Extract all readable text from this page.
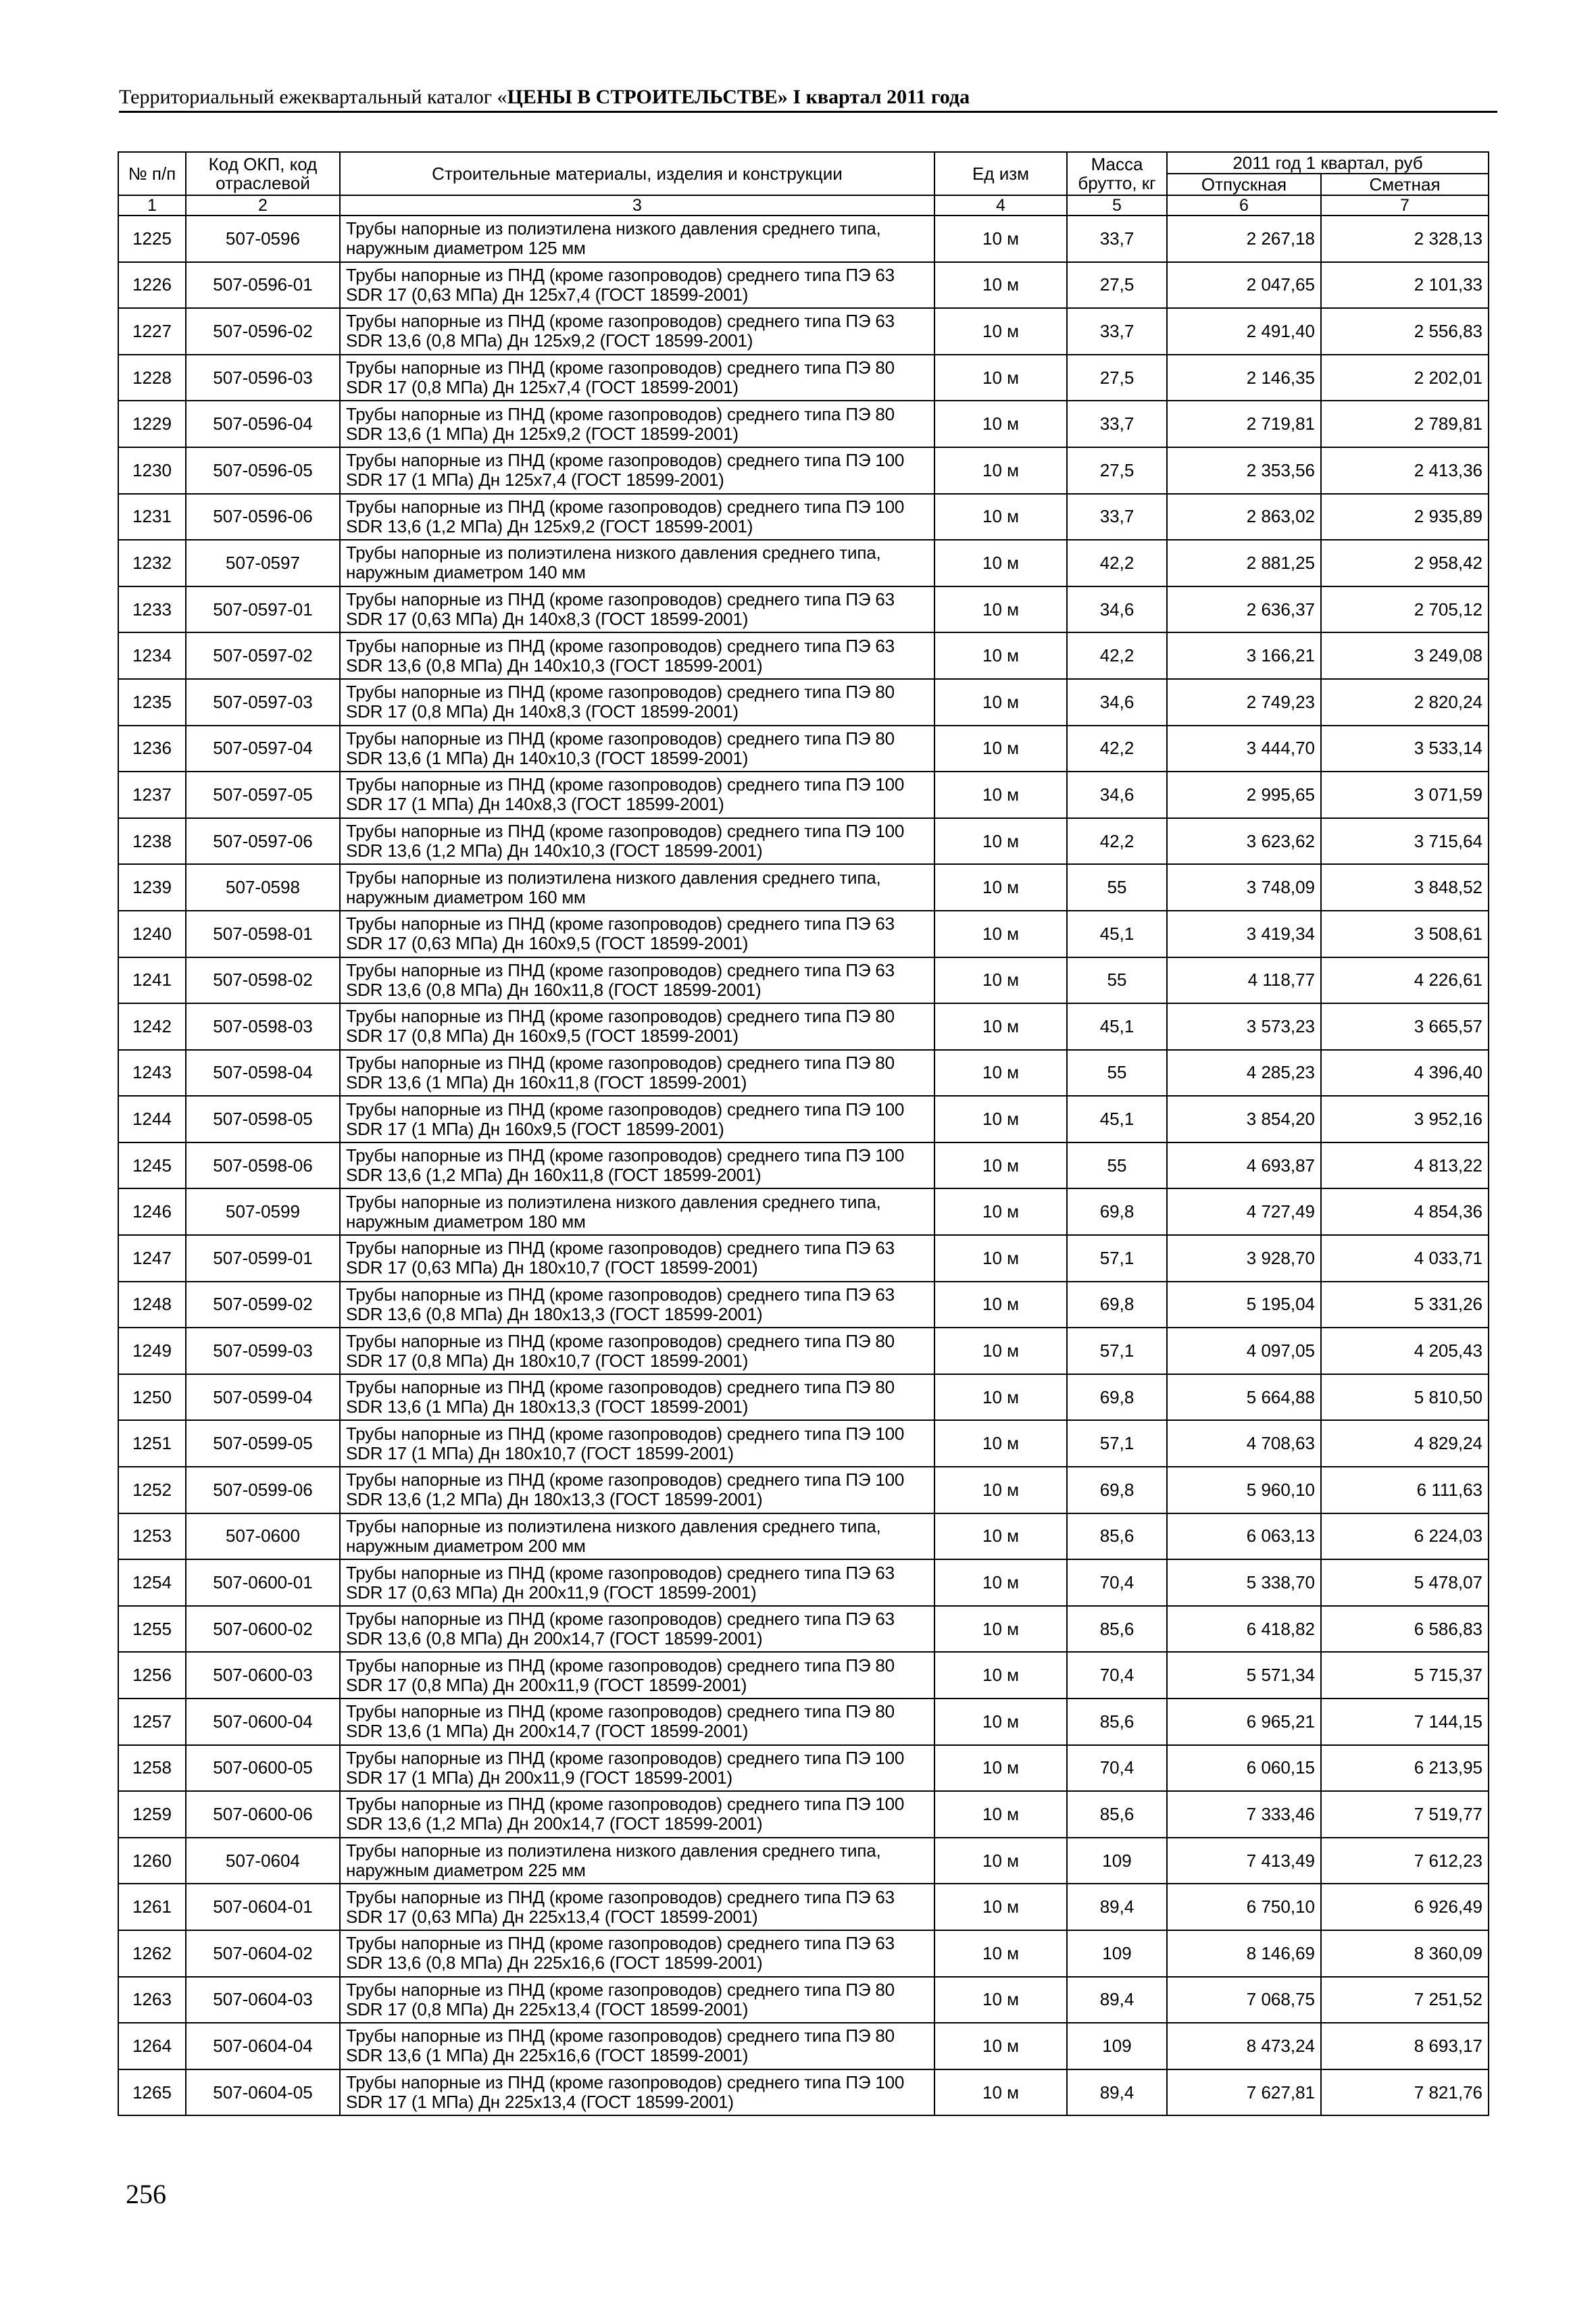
Территориальный ежеквартальный каталог «ЦЕНЫ В СТРОИТЕЛЬСТВЕ» I квартал 2011 года
№ п/п	Код ОКП, код отраслевой	Строительные материалы, изделия и конструкции	Ед изм	Масса брутто, кг	2011 год 1 квартал, руб	
					Отпускная	Сметная
1	2	3	4	5	6	7
1225	507-0596	Трубы напорные из полиэтилена низкого давления среднего типа, наружным диаметром 125 мм	10 м	33,7	2 267,18	2 328,13
1226	507-0596-01	Трубы напорные из ПНД (кроме газопроводов) среднего типа ПЭ 63 SDR 17 (0,63 МПа) Дн 125х7,4 (ГОСТ 18599-2001)	10 м	27,5	2 047,65	2 101,33
1227	507-0596-02	Трубы напорные из ПНД (кроме газопроводов) среднего типа ПЭ 63 SDR 13,6 (0,8 МПа) Дн 125х9,2 (ГОСТ 18599-2001)	10 м	33,7	2 491,40	2 556,83
1228	507-0596-03	Трубы напорные из ПНД (кроме газопроводов) среднего типа ПЭ 80 SDR 17 (0,8 МПа) Дн 125х7,4 (ГОСТ 18599-2001)	10 м	27,5	2 146,35	2 202,01
1229	507-0596-04	Трубы напорные из ПНД (кроме газопроводов) среднего типа ПЭ 80 SDR 13,6 (1 МПа) Дн 125х9,2 (ГОСТ 18599-2001)	10 м	33,7	2 719,81	2 789,81
1230	507-0596-05	Трубы напорные из ПНД (кроме газопроводов) среднего типа ПЭ 100 SDR 17 (1 МПа) Дн 125х7,4 (ГОСТ 18599-2001)	10 м	27,5	2 353,56	2 413,36
1231	507-0596-06	Трубы напорные из ПНД (кроме газопроводов) среднего типа ПЭ 100 SDR 13,6 (1,2 МПа) Дн 125х9,2 (ГОСТ 18599-2001)	10 м	33,7	2 863,02	2 935,89
1232	507-0597	Трубы напорные из полиэтилена низкого давления среднего типа, наружным диаметром 140 мм	10 м	42,2	2 881,25	2 958,42
1233	507-0597-01	Трубы напорные из ПНД (кроме газопроводов) среднего типа ПЭ 63 SDR 17 (0,63 МПа) Дн 140х8,3 (ГОСТ 18599-2001)	10 м	34,6	2 636,37	2 705,12
1234	507-0597-02	Трубы напорные из ПНД (кроме газопроводов) среднего типа ПЭ 63 SDR 13,6 (0,8 МПа) Дн 140х10,3 (ГОСТ 18599-2001)	10 м	42,2	3 166,21	3 249,08
1235	507-0597-03	Трубы напорные из ПНД (кроме газопроводов) среднего типа ПЭ 80 SDR 17 (0,8 МПа) Дн 140х8,3 (ГОСТ 18599-2001)	10 м	34,6	2 749,23	2 820,24
1236	507-0597-04	Трубы напорные из ПНД (кроме газопроводов) среднего типа ПЭ 80 SDR 13,6 (1 МПа) Дн 140х10,3 (ГОСТ 18599-2001)	10 м	42,2	3 444,70	3 533,14
1237	507-0597-05	Трубы напорные из ПНД (кроме газопроводов) среднего типа ПЭ 100 SDR 17 (1 МПа) Дн 140х8,3 (ГОСТ 18599-2001)	10 м	34,6	2 995,65	3 071,59
1238	507-0597-06	Трубы напорные из ПНД (кроме газопроводов) среднего типа ПЭ 100 SDR 13,6 (1,2 МПа) Дн 140х10,3 (ГОСТ 18599-2001)	10 м	42,2	3 623,62	3 715,64
1239	507-0598	Трубы напорные из полиэтилена низкого давления среднего типа, наружным диаметром 160 мм	10 м	55	3 748,09	3 848,52
1240	507-0598-01	Трубы напорные из ПНД (кроме газопроводов) среднего типа ПЭ 63 SDR 17 (0,63 МПа) Дн 160х9,5 (ГОСТ 18599-2001)	10 м	45,1	3 419,34	3 508,61
1241	507-0598-02	Трубы напорные из ПНД (кроме газопроводов) среднего типа ПЭ 63 SDR 13,6 (0,8 МПа) Дн 160х11,8 (ГОСТ 18599-2001)	10 м	55	4 118,77	4 226,61
1242	507-0598-03	Трубы напорные из ПНД (кроме газопроводов) среднего типа ПЭ 80 SDR 17 (0,8 МПа) Дн 160х9,5 (ГОСТ 18599-2001)	10 м	45,1	3 573,23	3 665,57
1243	507-0598-04	Трубы напорные из ПНД (кроме газопроводов) среднего типа ПЭ 80 SDR 13,6 (1 МПа) Дн 160х11,8 (ГОСТ 18599-2001)	10 м	55	4 285,23	4 396,40
1244	507-0598-05	Трубы напорные из ПНД (кроме газопроводов) среднего типа ПЭ 100 SDR 17 (1 МПа) Дн 160х9,5 (ГОСТ 18599-2001)	10 м	45,1	3 854,20	3 952,16
1245	507-0598-06	Трубы напорные из ПНД (кроме газопроводов) среднего типа ПЭ 100 SDR 13,6 (1,2 МПа) Дн 160х11,8 (ГОСТ 18599-2001)	10 м	55	4 693,87	4 813,22
1246	507-0599	Трубы напорные из полиэтилена низкого давления среднего типа, наружным диаметром 180 мм	10 м	69,8	4 727,49	4 854,36
1247	507-0599-01	Трубы напорные из ПНД (кроме газопроводов) среднего типа ПЭ 63 SDR 17 (0,63 МПа) Дн 180х10,7 (ГОСТ 18599-2001)	10 м	57,1	3 928,70	4 033,71
1248	507-0599-02	Трубы напорные из ПНД (кроме газопроводов) среднего типа ПЭ 63 SDR 13,6 (0,8 МПа) Дн 180х13,3 (ГОСТ 18599-2001)	10 м	69,8	5 195,04	5 331,26
1249	507-0599-03	Трубы напорные из ПНД (кроме газопроводов) среднего типа ПЭ 80 SDR 17 (0,8 МПа) Дн 180х10,7 (ГОСТ 18599-2001)	10 м	57,1	4 097,05	4 205,43
1250	507-0599-04	Трубы напорные из ПНД (кроме газопроводов) среднего типа ПЭ 80 SDR 13,6 (1 МПа) Дн 180х13,3 (ГОСТ 18599-2001)	10 м	69,8	5 664,88	5 810,50
1251	507-0599-05	Трубы напорные из ПНД (кроме газопроводов) среднего типа ПЭ 100 SDR 17 (1 МПа) Дн 180х10,7 (ГОСТ 18599-2001)	10 м	57,1	4 708,63	4 829,24
1252	507-0599-06	Трубы напорные из ПНД (кроме газопроводов) среднего типа ПЭ 100 SDR 13,6 (1,2 МПа) Дн 180х13,3 (ГОСТ 18599-2001)	10 м	69,8	5 960,10	6 111,63
1253	507-0600	Трубы напорные из полиэтилена низкого давления среднего типа, наружным диаметром 200 мм	10 м	85,6	6 063,13	6 224,03
1254	507-0600-01	Трубы напорные из ПНД (кроме газопроводов) среднего типа ПЭ 63 SDR 17 (0,63 МПа) Дн 200х11,9 (ГОСТ 18599-2001)	10 м	70,4	5 338,70	5 478,07
1255	507-0600-02	Трубы напорные из ПНД (кроме газопроводов) среднего типа ПЭ 63 SDR 13,6 (0,8 МПа) Дн 200х14,7 (ГОСТ 18599-2001)	10 м	85,6	6 418,82	6 586,83
1256	507-0600-03	Трубы напорные из ПНД (кроме газопроводов) среднего типа ПЭ 80 SDR 17 (0,8 МПа) Дн 200х11,9 (ГОСТ 18599-2001)	10 м	70,4	5 571,34	5 715,37
1257	507-0600-04	Трубы напорные из ПНД (кроме газопроводов) среднего типа ПЭ 80 SDR 13,6 (1 МПа) Дн 200х14,7 (ГОСТ 18599-2001)	10 м	85,6	6 965,21	7 144,15
1258	507-0600-05	Трубы напорные из ПНД (кроме газопроводов) среднего типа ПЭ 100 SDR 17 (1 МПа) Дн 200х11,9 (ГОСТ 18599-2001)	10 м	70,4	6 060,15	6 213,95
1259	507-0600-06	Трубы напорные из ПНД (кроме газопроводов) среднего типа ПЭ 100 SDR 13,6 (1,2 МПа) Дн 200х14,7 (ГОСТ 18599-2001)	10 м	85,6	7 333,46	7 519,77
1260	507-0604	Трубы напорные из полиэтилена низкого давления среднего типа, наружным диаметром 225 мм	10 м	109	7 413,49	7 612,23
1261	507-0604-01	Трубы напорные из ПНД (кроме газопроводов) среднего типа ПЭ 63 SDR 17 (0,63 МПа) Дн 225х13,4 (ГОСТ 18599-2001)	10 м	89,4	6 750,10	6 926,49
1262	507-0604-02	Трубы напорные из ПНД (кроме газопроводов) среднего типа ПЭ 63 SDR 13,6 (0,8 МПа) Дн 225х16,6 (ГОСТ 18599-2001)	10 м	109	8 146,69	8 360,09
1263	507-0604-03	Трубы напорные из ПНД (кроме газопроводов) среднего типа ПЭ 80 SDR 17 (0,8 МПа) Дн 225х13,4 (ГОСТ 18599-2001)	10 м	89,4	7 068,75	7 251,52
1264	507-0604-04	Трубы напорные из ПНД (кроме газопроводов) среднего типа ПЭ 80 SDR 13,6 (1 МПа) Дн 225х16,6 (ГОСТ 18599-2001)	10 м	109	8 473,24	8 693,17
1265	507-0604-05	Трубы напорные из ПНД (кроме газопроводов) среднего типа ПЭ 100 SDR 17 (1 МПа) Дн 225х13,4 (ГОСТ 18599-2001)	10 м	89,4	7 627,81	7 821,76
256
